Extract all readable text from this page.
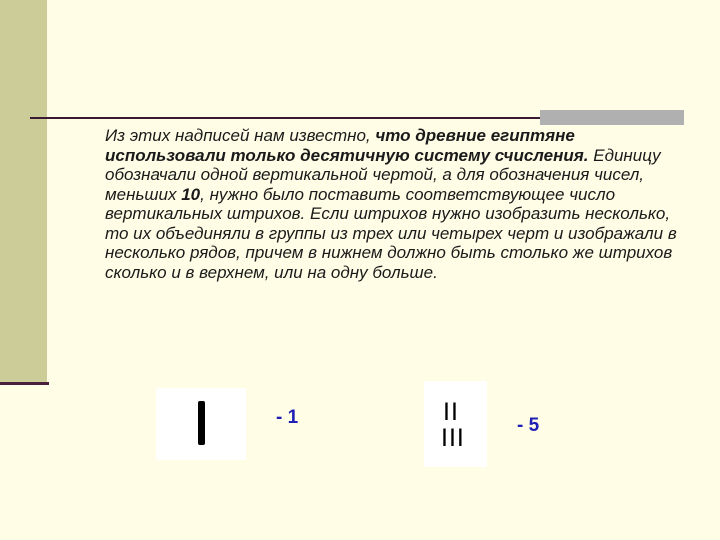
Из этих надписей нам известно, что древние египтяне использовали только десятичную систему счисления. Единицу обозначали одной вертикальной чертой, а для обозначения чисел, меньших 10, нужно было поставить соответствующее число вертикальных штрихов. Если штрихов нужно изобразить несколько, то их объединяли в группы из трех или четырех черт и изображали в несколько рядов, причем в нижнем должно быть столько же штрихов сколько и в верхнем, или на одну больше.

- 1	II
III	- 5
